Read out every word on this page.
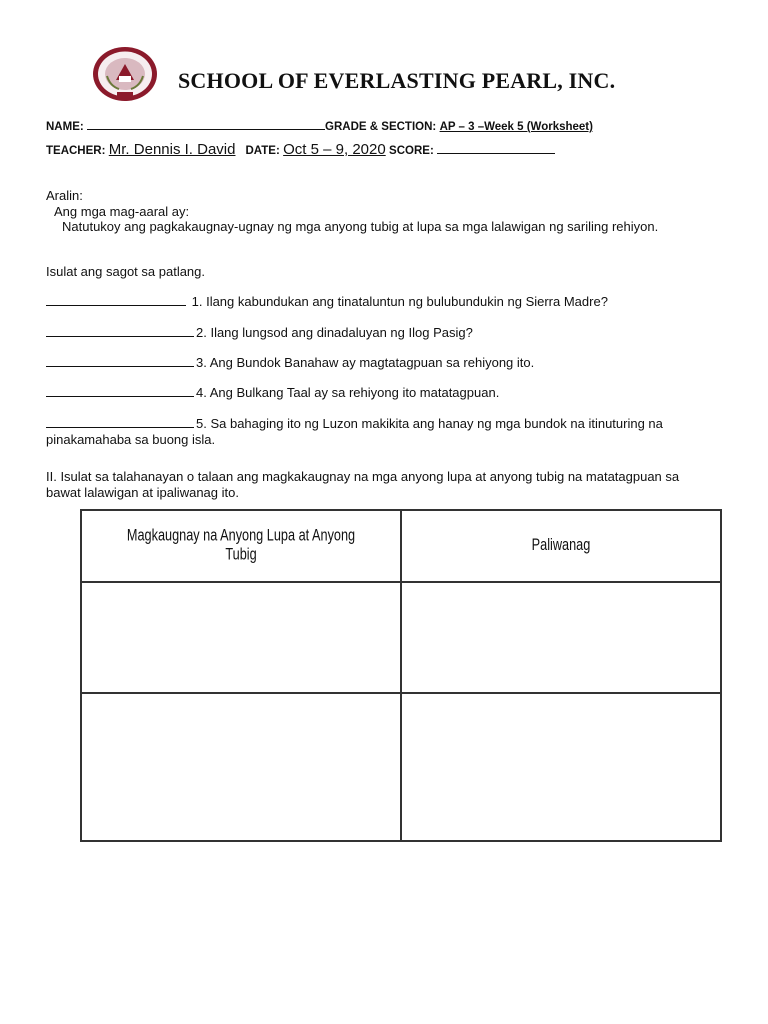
SCHOOL OF EVERLASTING PEARL, INC.
NAME:	GRADE & SECTION: AP – 3 –Week 5 (Worksheet)
TEACHER: Mr. Dennis I. David DATE: Oct 5 – 9, 2020 SCORE:
Aralin:
Ang mga mag-aaral ay:
Natutukoy ang pagkakaugnay-ugnay ng mga anyong tubig at lupa sa mga lalawigan ng sariling rehiyon.
Isulat ang sagot sa patlang.
1. Ilang kabundukan ang tinataluntun ng bulubundukin ng Sierra Madre?
2. Ilang lungsod ang dinadaluyan ng Ilog Pasig?
3. Ang Bundok Banahaw ay magtatagpuan sa rehiyong ito.
4. Ang Bulkang Taal ay sa rehiyong ito matatagpuan.
5. Sa bahaging ito ng Luzon makikita ang hanay ng mga bundok na itinuturing na pinakamahaba sa buong isla.
II. Isulat sa talahanayan o talaan ang magkakaugnay na mga anyong lupa at anyong tubig na matatagpuan sa bawat lalawigan at ipaliwanag ito.
Magkaugnay na Anyong Lupa at Anyong Tubig	Paliwanag
